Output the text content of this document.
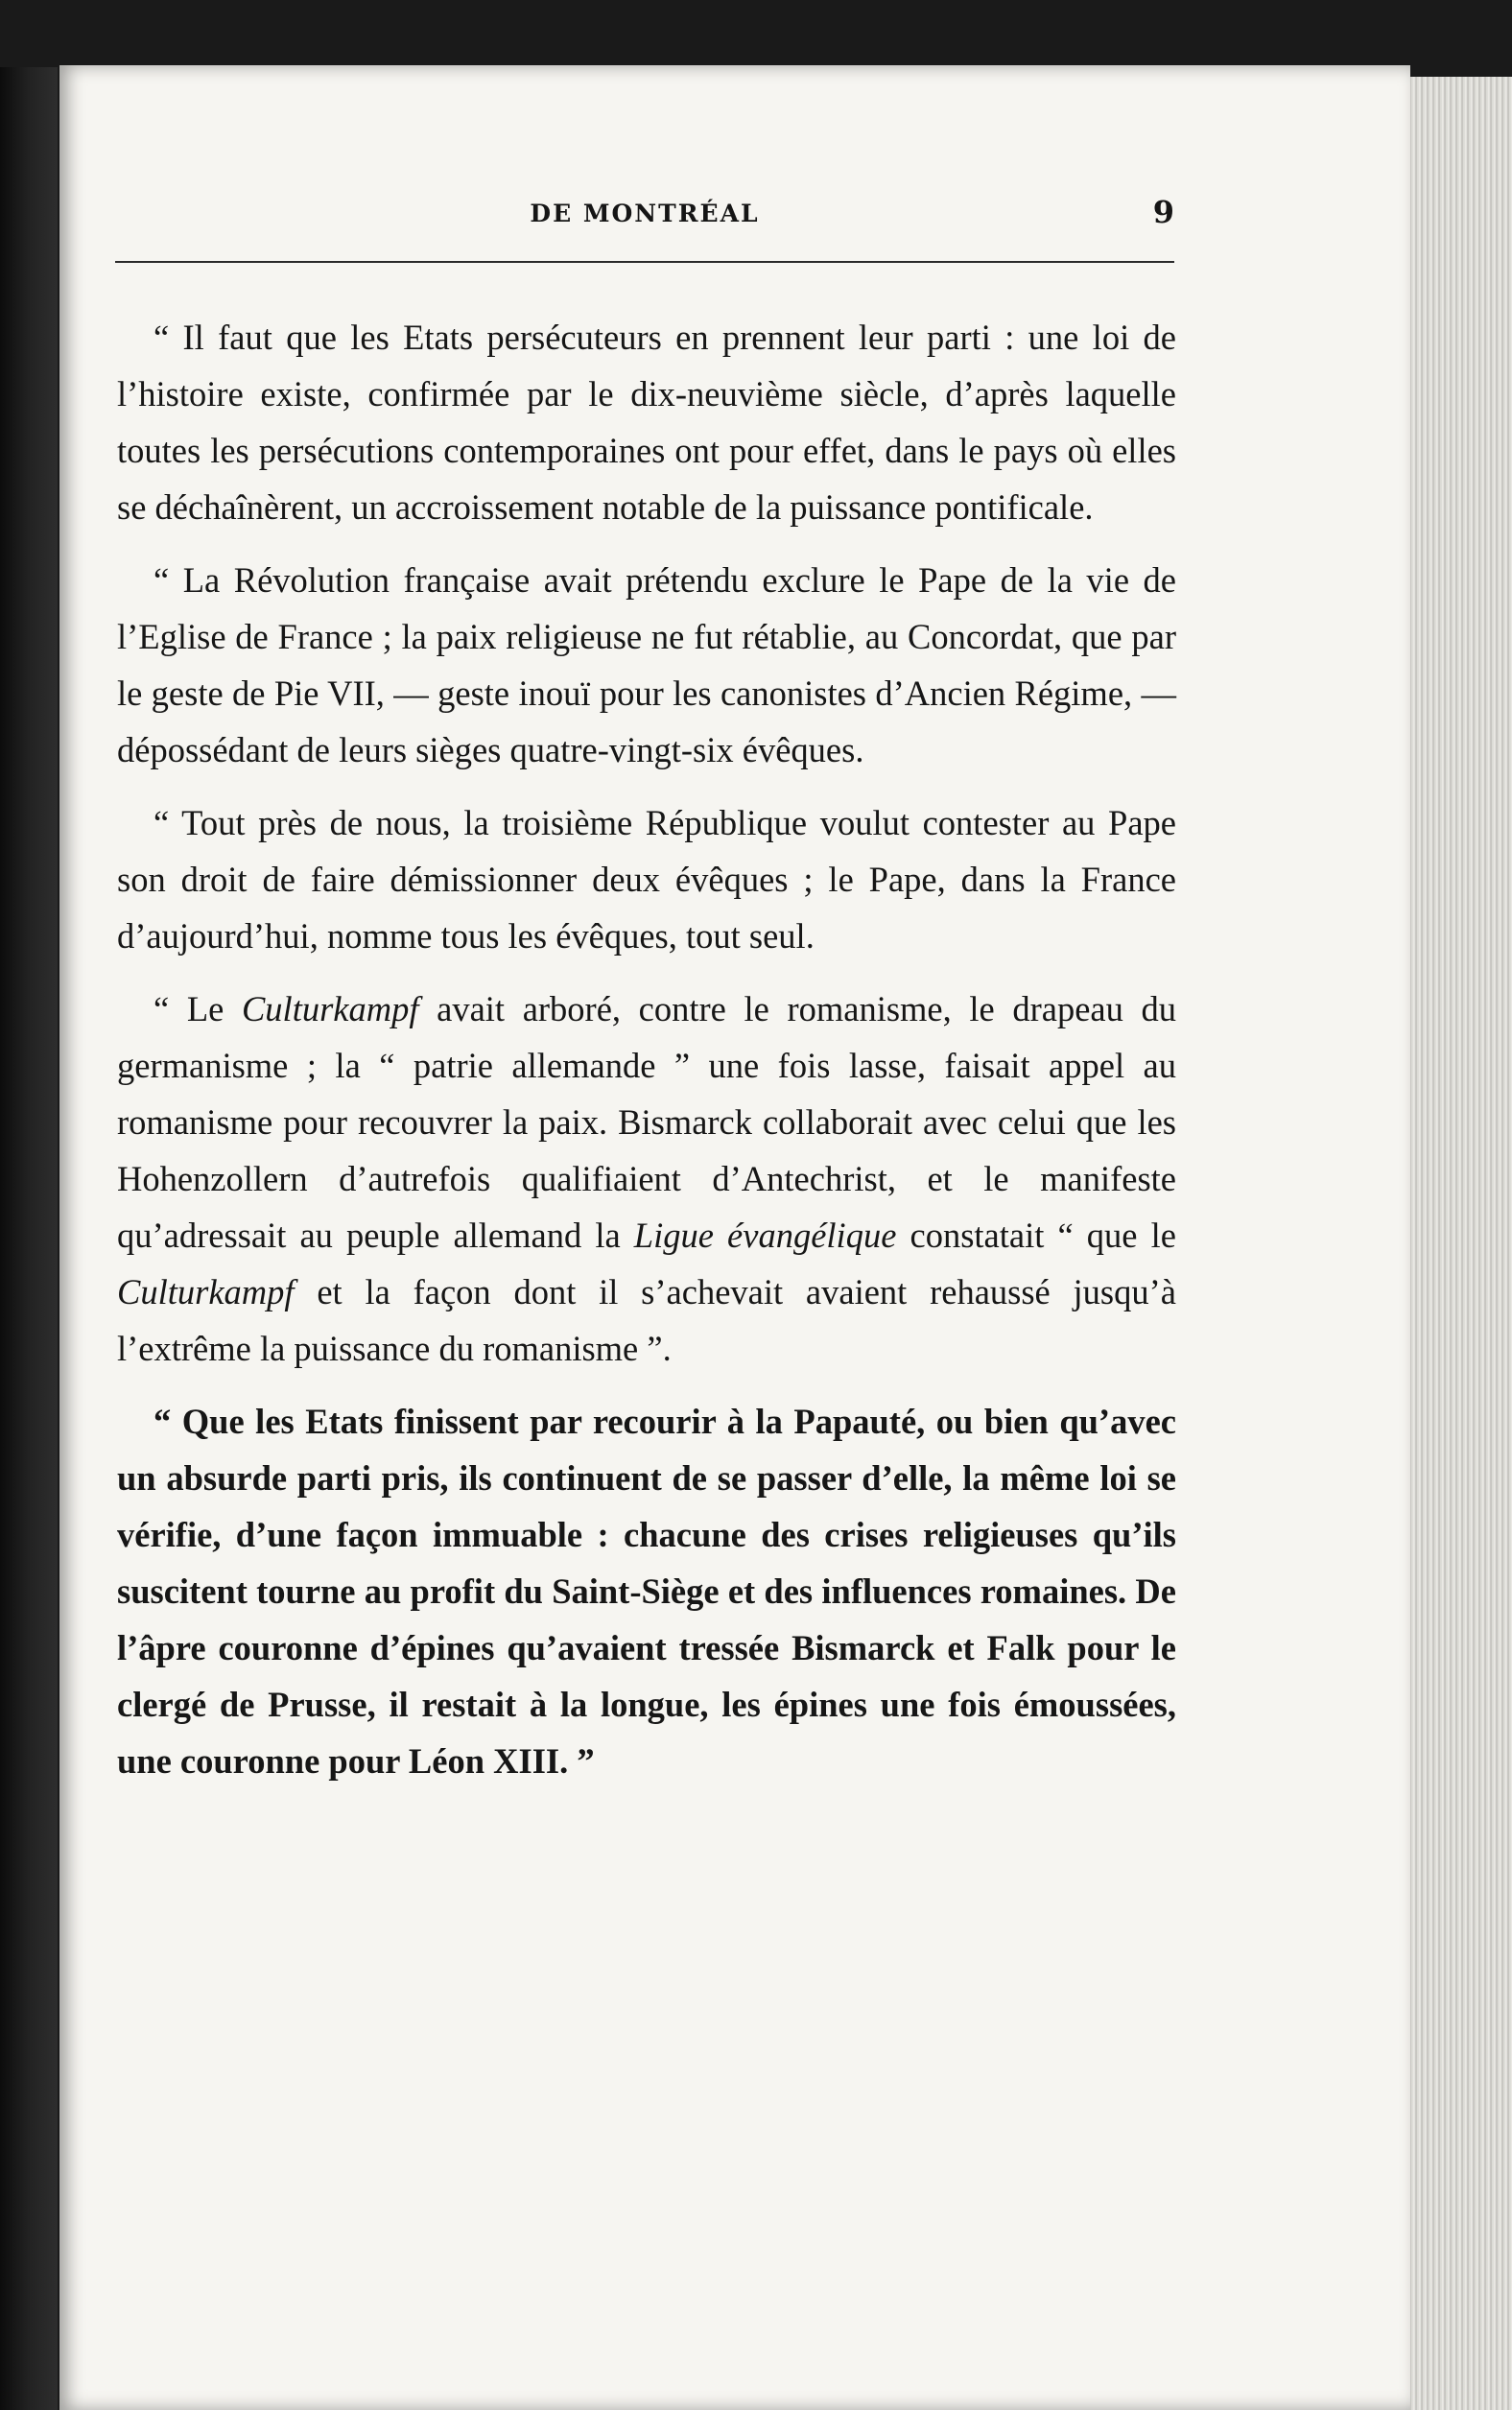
DE MONTRÉAL	9

“ Il faut que les Etats persécuteurs en prennent leur parti : une loi de l’histoire existe, confirmée par le dix-neuvième siècle, d’après laquelle toutes les persécutions contemporaines ont pour effet, dans le pays où elles se déchaînèrent, un accroissement notable de la puissance pontificale.

“ La Révolution française avait prétendu exclure le Pape de la vie de l’Eglise de France ; la paix religieuse ne fut rétablie, au Concordat, que par le geste de Pie VII, — geste inouï pour les canonistes d’Ancien Régime, — dépossédant de leurs sièges quatre-vingt-six évêques.

“ Tout près de nous, la troisième République voulut contester au Pape son droit de faire démissionner deux évêques ; le Pape, dans la France d’aujourd’hui, nomme tous les évêques, tout seul.

“ Le Culturkampf avait arboré, contre le romanisme, le drapeau du germanisme ; la “ patrie allemande ” une fois lasse, faisait appel au romanisme pour recouvrer la paix. Bismarck collaborait avec celui que les Hohenzollern d’autrefois qualifiaient d’Antechrist, et le manifeste qu’adressait au peuple allemand la Ligue évangélique constatait “ que le Culturkampf et la façon dont il s’achevait avaient rehaussé jusqu’à l’extrême la puissance du romanisme ”.

“ Que les Etats finissent par recourir à la Papauté, ou bien qu’avec un absurde parti pris, ils continuent de se passer d’elle, la même loi se vérifie, d’une façon immuable : chacune des crises religieuses qu’ils suscitent tourne au profit du Saint-Siège et des influences romaines. De l’âpre couronne d’épines qu’avaient tressée Bismarck et Falk pour le clergé de Prusse, il restait à la longue, les épines une fois émoussées, une couronne pour Léon XIII. ”
